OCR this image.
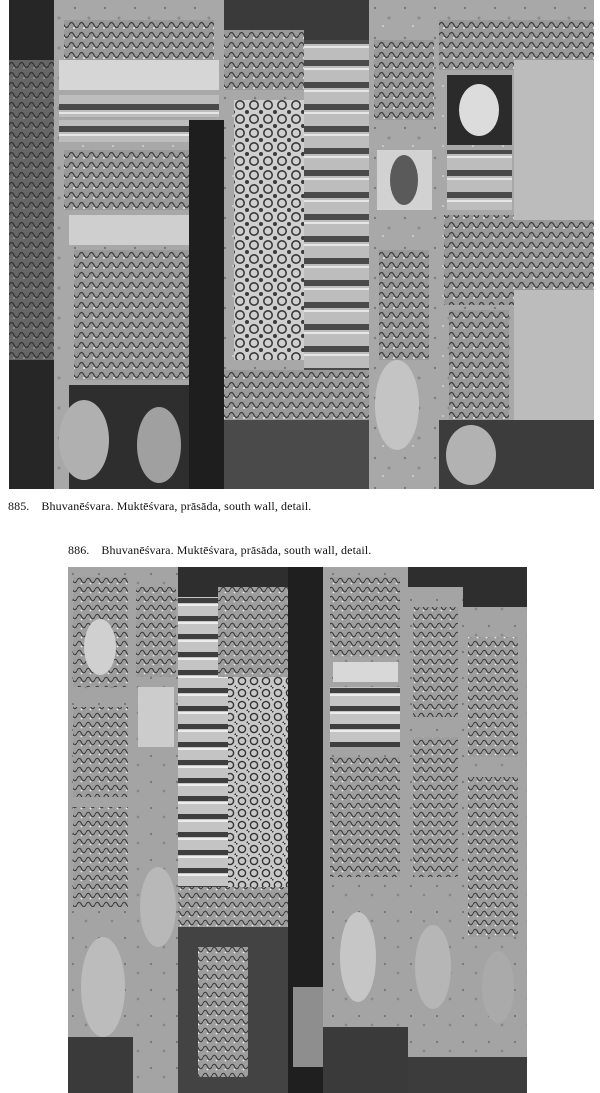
885. Bhuvanēśvara. Muktēśvara, prāsāda, south wall, detail.
886. Bhuvanēśvara. Muktēśvara, prāsāda, south wall, detail.
